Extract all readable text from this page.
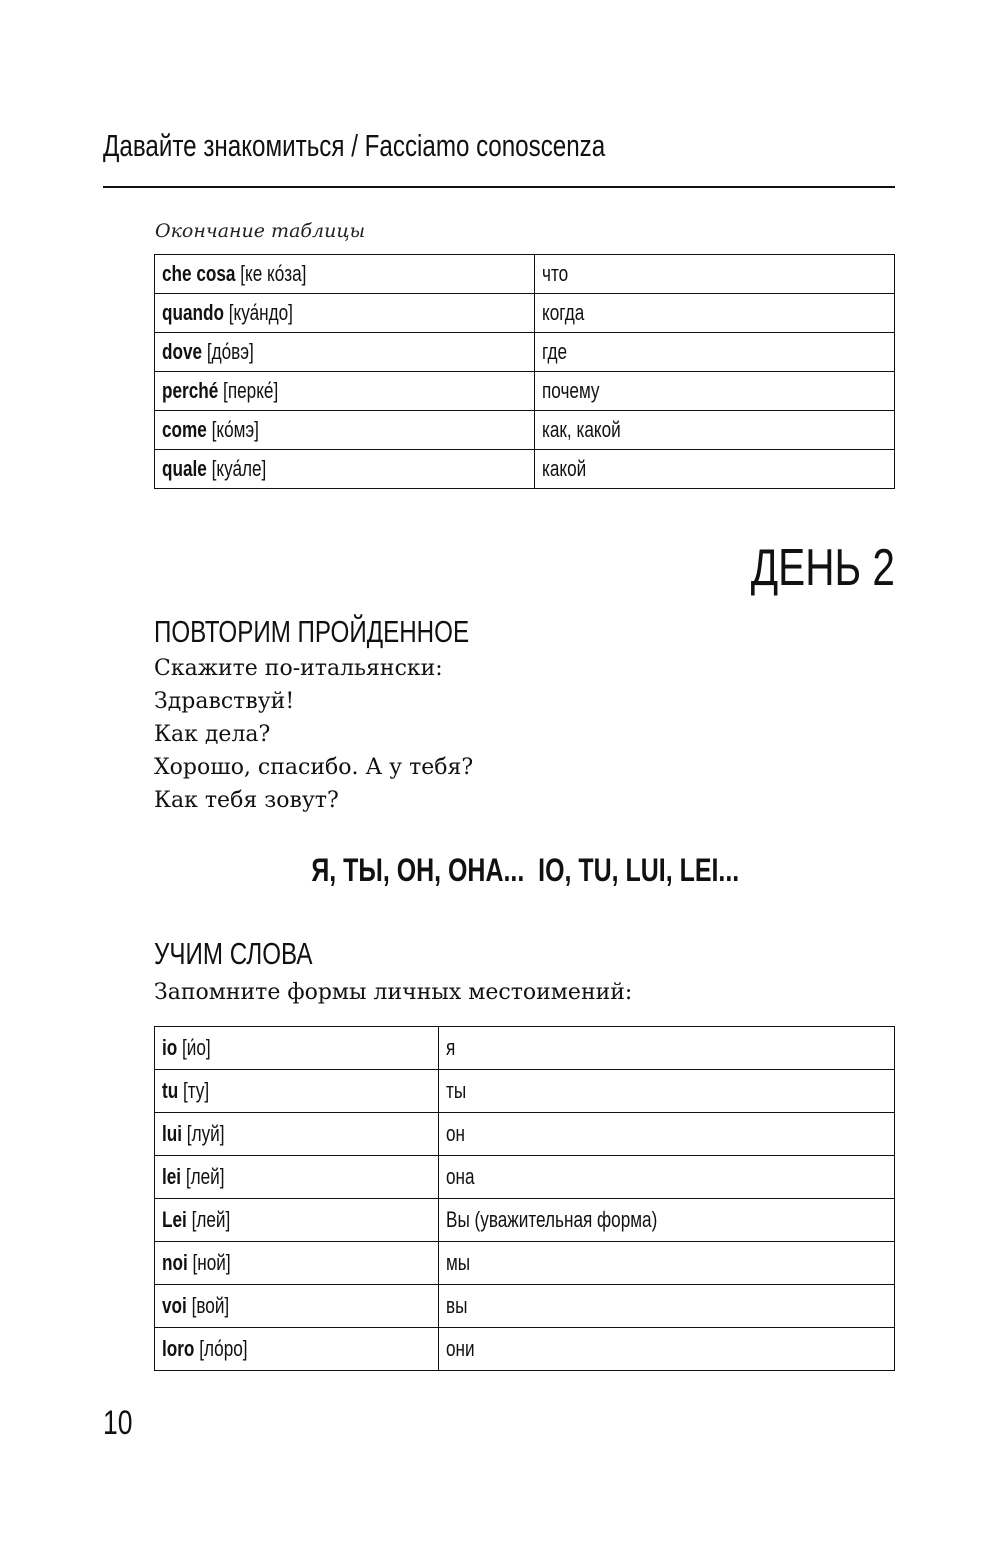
Давайте знакомиться / Facciamo conoscenza
Окончание таблицы
che cosa [ке ко́за]	что
quando [куа́ндо]	когда
dove [до́вэ]	где
perché [перке́]	почему
come [ко́мэ]	как, какой
quale [куа́ле]	какой
ДЕНЬ 2
ПОВТОРИМ ПРОЙДЕННОЕ
Скажите по-итальянски:
Здравствуй!
Как дела?
Хорошо, спасибо. А у тебя?
Как тебя зовут?
Я, ТЫ, ОН, ОНА...  IO, TU, LUI, LEI...
УЧИМ СЛОВА
Запомните формы личных местоимений:
io [и́о]	я
tu [ту]	ты
lui [луй]	он
lei [лей]	она
Lei [лей]	Вы (уважительная форма)
noi [ной]	мы
voi [вой]	вы
loro [ло́ро]	они
10
